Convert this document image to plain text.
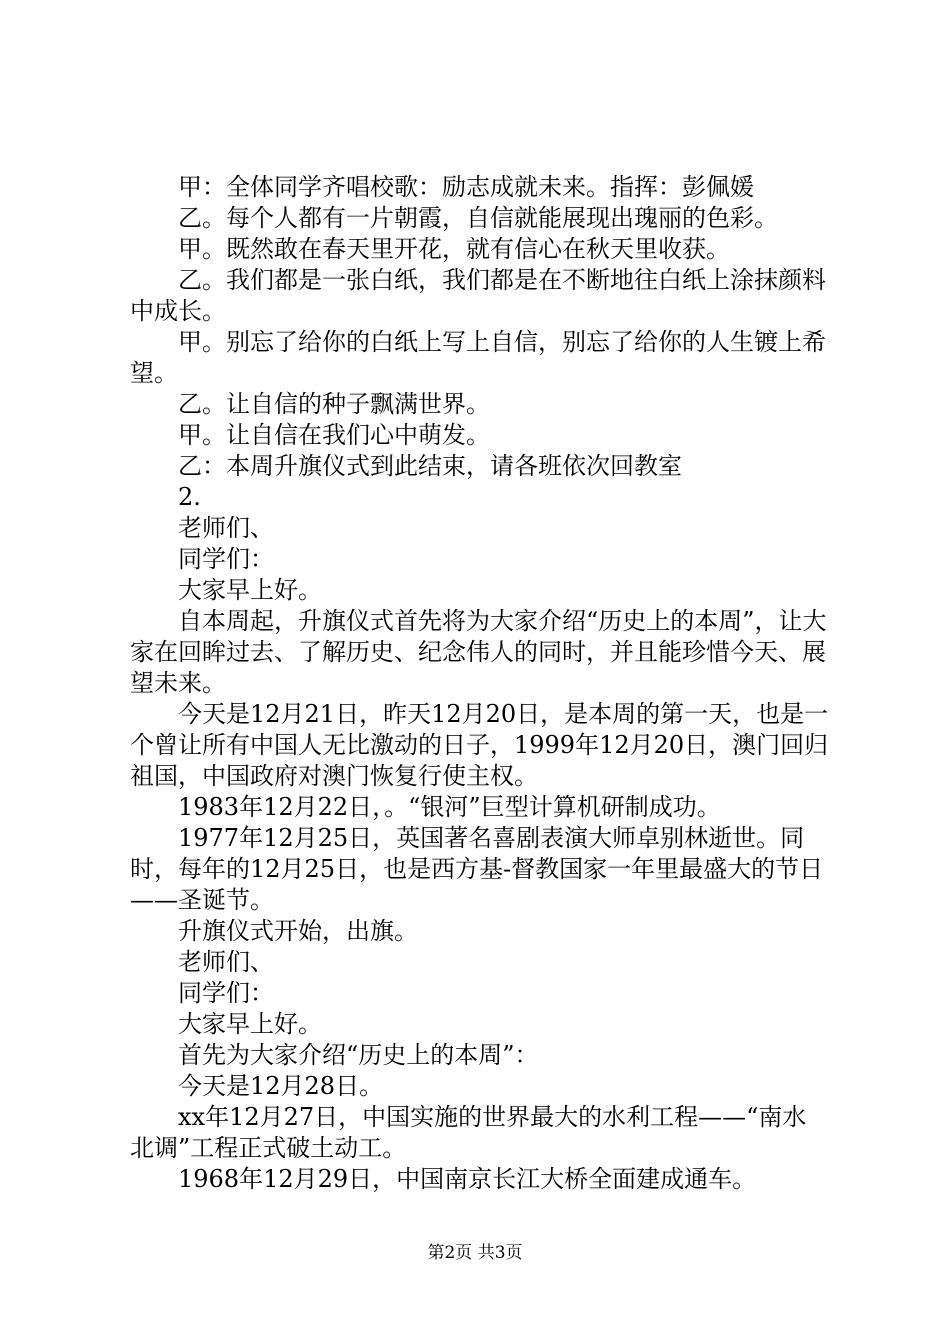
甲：全体同学齐唱校歌：励志成就未来。指挥：彭佩媛

乙。每个人都有一片朝霞，自信就能展现出瑰丽的色彩。

甲。既然敢在春天里开花，就有信心在秋天里收获。

乙。我们都是一张白纸，我们都是在不断地往白纸上涂抹颜料中成长。

甲。别忘了给你的白纸上写上自信，别忘了给你的人生镀上希望。

乙。让自信的种子飘满世界。

甲。让自信在我们心中萌发。

乙：本周升旗仪式到此结束，请各班依次回教室

2.

老师们、

同学们：

大家早上好。

自本周起，升旗仪式首先将为大家介绍“历史上的本周”，让大家在回眸过去、了解历史、纪念伟人的同时，并且能珍惜今天、展望未来。

今天是12月21日，昨天12月20日，是本周的第一天，也是一个曾让所有中国人无比激动的日子，1999年12月20日，澳门回归祖国，中国政府对澳门恢复行使主权。

1983年12月22日，。“银河”巨型计算机研制成功。

1977年12月25日，英国著名喜剧表演大师卓别林逝世。同时，每年的12月25日，也是西方基-督教国家一年里最盛大的节日——圣诞节。

升旗仪式开始，出旗。

老师们、

同学们：

大家早上好。

首先为大家介绍“历史上的本周”：

今天是12月28日。

xx年12月27日，中国实施的世界最大的水利工程——“南水北调”工程正式破土动工。

1968年12月29日，中国南京长江大桥全面建成通车。

第2页 共3页
